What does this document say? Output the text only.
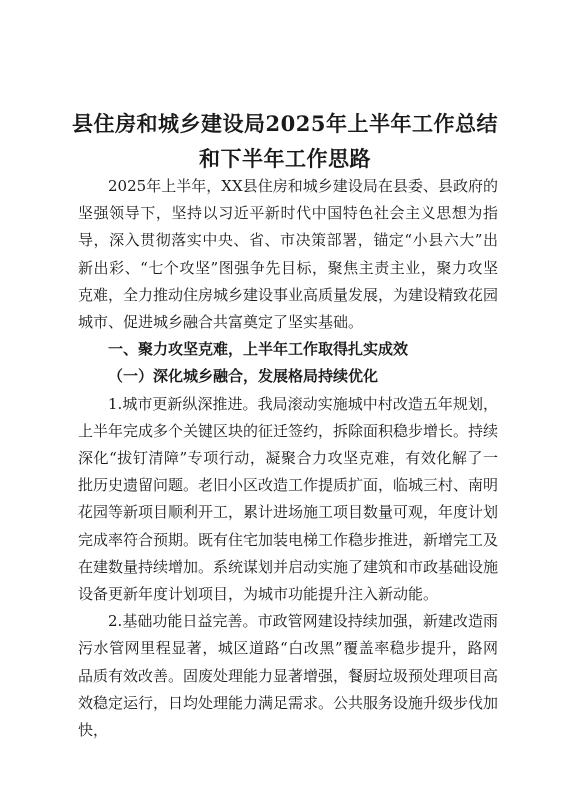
县住房和城乡建设局2025年上半年工作总结
和下半年工作思路

2025年上半年，XX县住房和城乡建设局在县委、县政府的坚强领导下，坚持以习近平新时代中国特色社会主义思想为指导，深入贯彻落实中央、省、市决策部署，锚定“小县六大”出新出彩、“七个攻坚”图强争先目标，聚焦主责主业，聚力攻坚克难，全力推动住房城乡建设事业高质量发展，为建设精致花园城市、促进城乡融合共富奠定了坚实基础。

一、聚力攻坚克难，上半年工作取得扎实成效

（一）深化城乡融合，发展格局持续优化

1.城市更新纵深推进。我局滚动实施城中村改造五年规划，上半年完成多个关键区块的征迁签约，拆除面积稳步增长。持续深化“拔钉清障”专项行动，凝聚合力攻坚克难，有效化解了一批历史遗留问题。老旧小区改造工作提质扩面，临城三村、南明花园等新项目顺利开工，累计进场施工项目数量可观，年度计划完成率符合预期。既有住宅加装电梯工作稳步推进，新增完工及在建数量持续增加。系统谋划并启动实施了建筑和市政基础设施设备更新年度计划项目，为城市功能提升注入新动能。

2.基础功能日益完善。市政管网建设持续加强，新建改造雨污水管网里程显著，城区道路“白改黑”覆盖率稳步提升，路网品质有效改善。固废处理能力显著增强，餐厨垃圾预处理项目高效稳定运行，日均处理能力满足需求。公共服务设施升级步伐加快，
